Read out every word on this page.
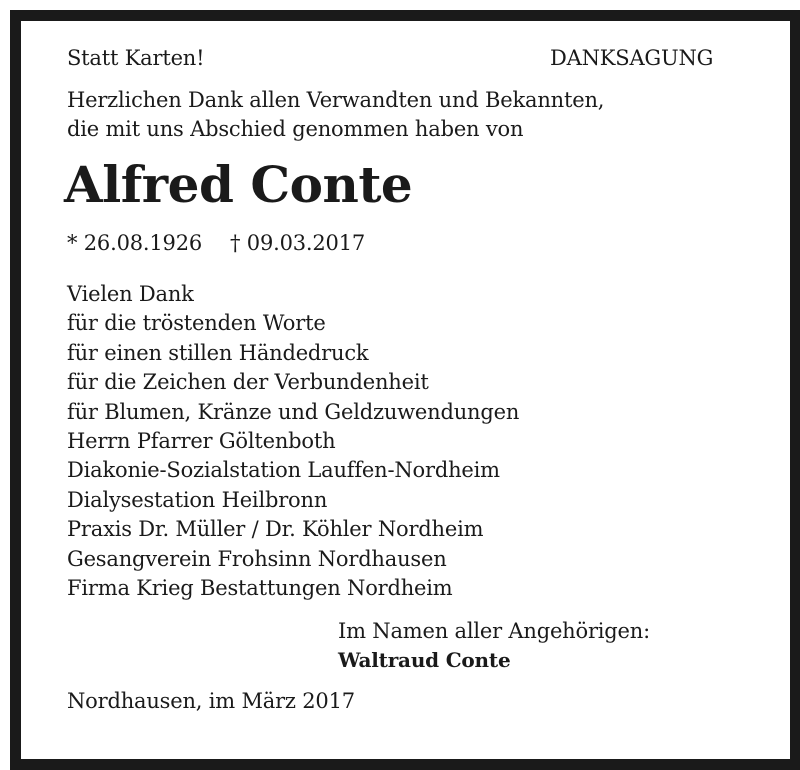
Statt Karten!	DANKSAGUNG
Herzlichen Dank allen Verwandten und Bekannten,
die mit uns Abschied genommen haben von
Alfred Conte
* 26.08.1926 † 09.03.2017
Vielen Dank
für die tröstenden Worte
für einen stillen Händedruck
für die Zeichen der Verbundenheit
für Blumen, Kränze und Geldzuwendungen
Herrn Pfarrer Göltenboth
Diakonie-Sozialstation Lauffen-Nordheim
Dialysestation Heilbronn
Praxis Dr. Müller / Dr. Köhler Nordheim
Gesangverein Frohsinn Nordhausen
Firma Krieg Bestattungen Nordheim
Im Namen aller Angehörigen:
Waltraud Conte
Nordhausen, im März 2017
